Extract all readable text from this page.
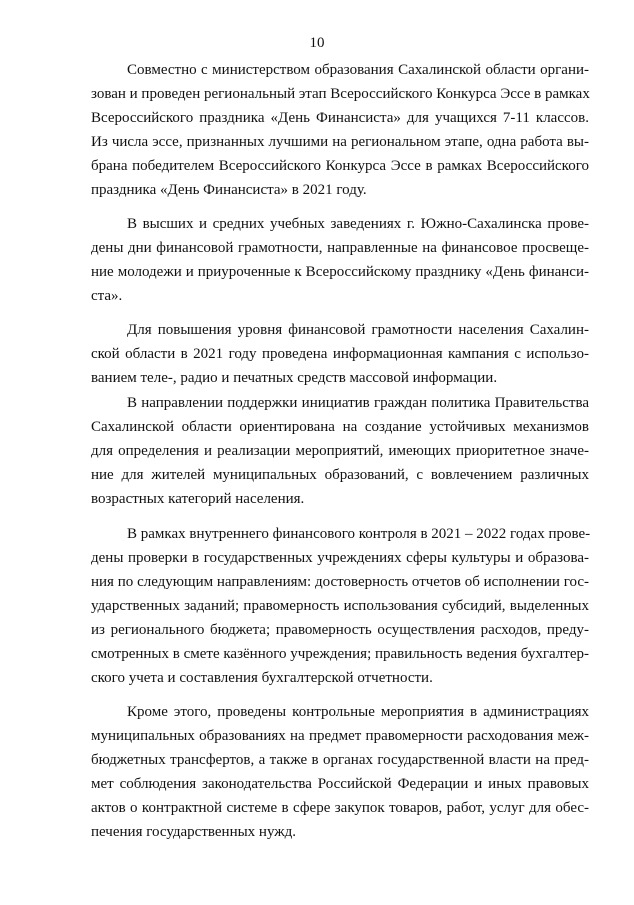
10
Совместно с министерством образования Сахалинской области органи-
зован и проведен региональный этап Всероссийского Конкурса Эссе в рамках
Всероссийского праздника «День Финансиста» для учащихся 7-11 классов.
Из числа эссе, признанных лучшими на региональном этапе, одна работа вы-
брана победителем Всероссийского Конкурса Эссе в рамках Всероссийского
праздника «День Финансиста» в 2021 году.
В высших и средних учебных заведениях г. Южно-Сахалинска прове-
дены дни финансовой грамотности, направленные на финансовое просвеще-
ние молодежи и приуроченные к Всероссийскому празднику «День финанси-
ста».
Для повышения уровня финансовой грамотности населения Сахалин-
ской области в 2021 году проведена информационная кампания с использо-
ванием теле-, радио и печатных средств массовой информации.
В направлении поддержки инициатив граждан политика Правительства
Сахалинской области ориентирована на создание устойчивых механизмов
для определения и реализации мероприятий, имеющих приоритетное значе-
ние для жителей муниципальных образований, с вовлечением различных
возрастных категорий населения.
В рамках внутреннего финансового контроля в 2021 – 2022 годах прове-
дены проверки в государственных учреждениях сферы культуры и образова-
ния по следующим направлениям: достоверность отчетов об исполнении гос-
ударственных заданий; правомерность использования субсидий, выделенных
из регионального бюджета; правомерность осуществления расходов, преду-
смотренных в смете казённого учреждения; правильность ведения бухгалтер-
ского учета и составления бухгалтерской отчетности.
Кроме этого, проведены контрольные мероприятия в администрациях
муниципальных образованиях на предмет правомерности расходования меж-
бюджетных трансфертов, а также в органах государственной власти на пред-
мет соблюдения законодательства Российской Федерации и иных правовых
актов о контрактной системе в сфере закупок товаров, работ, услуг для обес-
печения государственных нужд.
